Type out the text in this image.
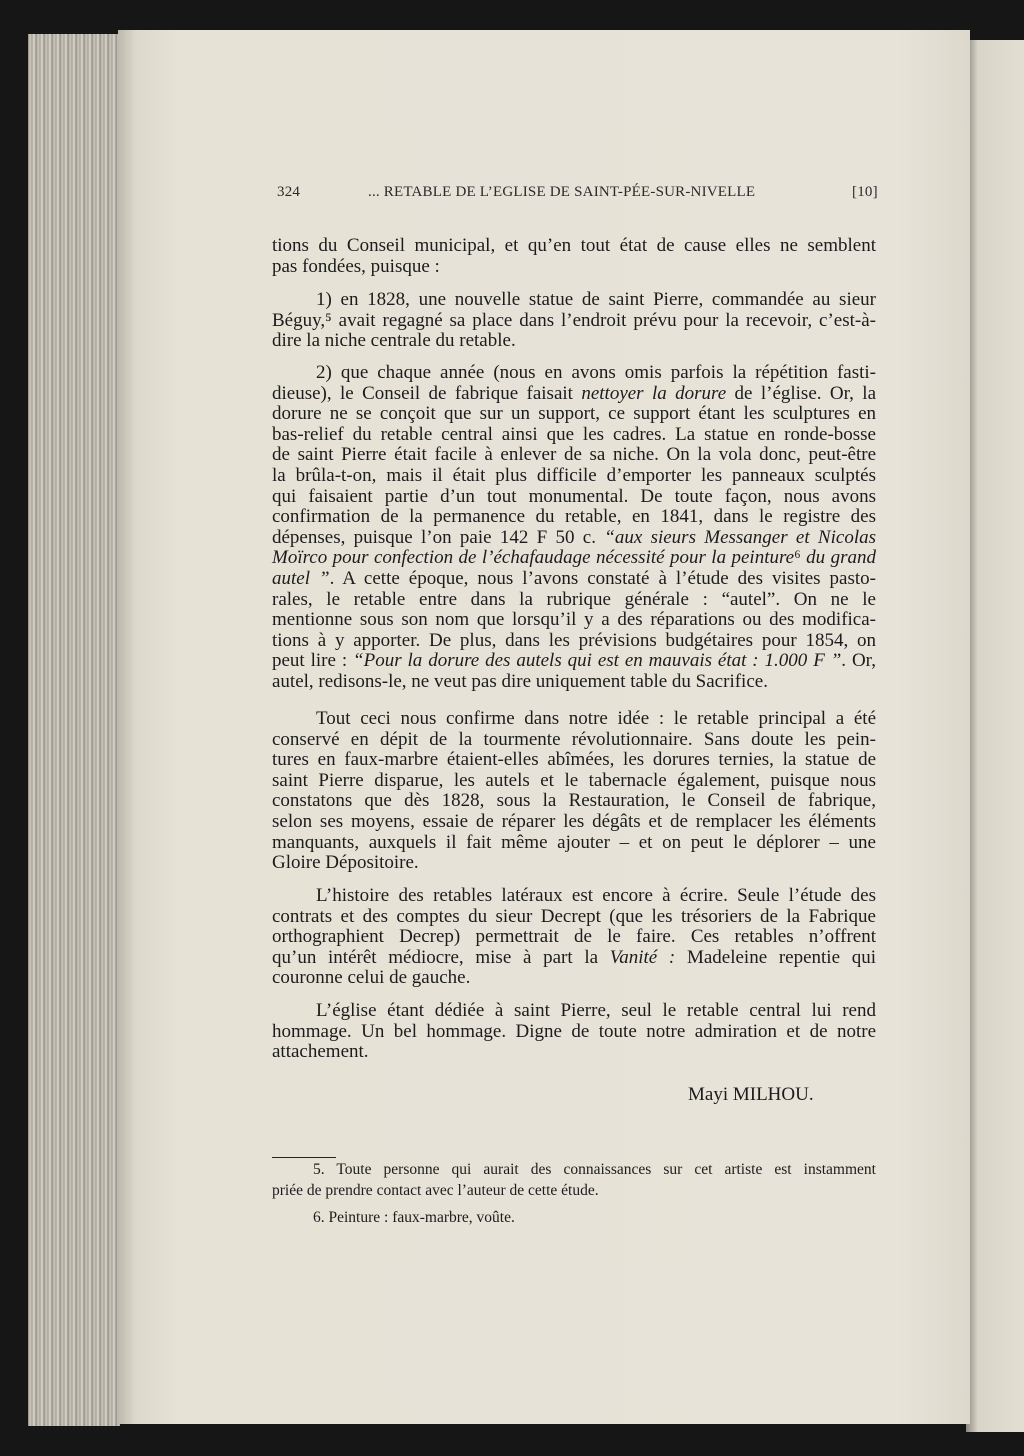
324	... RETABLE DE L’EGLISE DE SAINT-PÉE-SUR-NIVELLE	[10]
tions du Conseil municipal, et qu’en tout état de cause elles ne semblent
pas fondées, puisque :
1) en 1828, une nouvelle statue de saint Pierre, commandée au sieur
Béguy,⁵ avait regagné sa place dans l’endroit prévu pour la recevoir, c’est-à-
dire la niche centrale du retable.
2) que chaque année (nous en avons omis parfois la répétition fasti-
dieuse), le Conseil de fabrique faisait nettoyer la dorure de l’église. Or, la
dorure ne se conçoit que sur un support, ce support étant les sculptures en
bas-relief du retable central ainsi que les cadres. La statue en ronde-bosse
de saint Pierre était facile à enlever de sa niche. On la vola donc, peut-être
la brûla-t-on, mais il était plus difficile d’emporter les panneaux sculptés
qui faisaient partie d’un tout monumental. De toute façon, nous avons
confirmation de la permanence du retable, en 1841, dans le registre des
dépenses, puisque l’on paie 142 F 50 c. “aux sieurs Messanger et Nicolas
Moïrco pour confection de l’échafaudage nécessité pour la peinture⁶ du grand
autel ”. A cette époque, nous l’avons constaté à l’étude des visites pasto-
rales, le retable entre dans la rubrique générale : “autel”. On ne le
mentionne sous son nom que lorsqu’il y a des réparations ou des modifica-
tions à y apporter. De plus, dans les prévisions budgétaires pour 1854, on
peut lire : “Pour la dorure des autels qui est en mauvais état : 1.000 F ”. Or,
autel, redisons-le, ne veut pas dire uniquement table du Sacrifice.
Tout ceci nous confirme dans notre idée : le retable principal a été
conservé en dépit de la tourmente révolutionnaire. Sans doute les pein-
tures en faux-marbre étaient-elles abîmées, les dorures ternies, la statue de
saint Pierre disparue, les autels et le tabernacle également, puisque nous
constatons que dès 1828, sous la Restauration, le Conseil de fabrique,
selon ses moyens, essaie de réparer les dégâts et de remplacer les éléments
manquants, auxquels il fait même ajouter – et on peut le déplorer – une
Gloire Dépositoire.
L’histoire des retables latéraux est encore à écrire. Seule l’étude des
contrats et des comptes du sieur Decrept (que les trésoriers de la Fabrique
orthographient Decrep) permettrait de le faire. Ces retables n’offrent
qu’un intérêt médiocre, mise à part la Vanité : Madeleine repentie qui
couronne celui de gauche.
L’église étant dédiée à saint Pierre, seul le retable central lui rend
hommage. Un bel hommage. Digne de toute notre admiration et de notre
attachement.
Mayi MILHOU.
5. Toute personne qui aurait des connaissances sur cet artiste est instamment
priée de prendre contact avec l’auteur de cette étude.
6. Peinture : faux-marbre, voûte.
